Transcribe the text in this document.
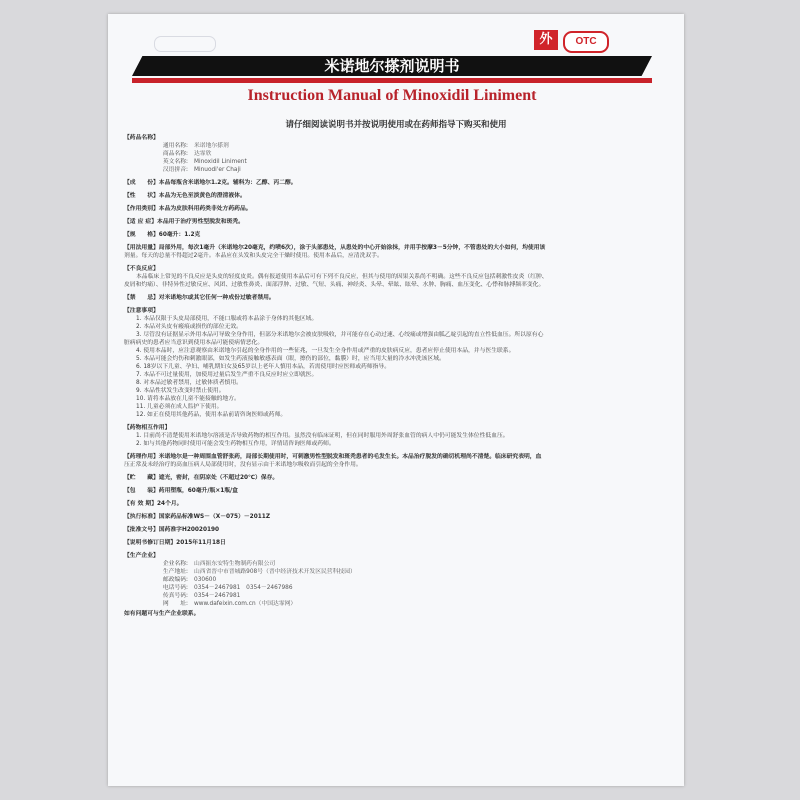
外	OTC
米诺地尔搽剂说明书
Instruction Manual of Minoxidil Liniment
请仔细阅读说明书并按说明使用或在药师指导下购买和使用
【药品名称】
通用名称:	米诺地尔搽剂
商品名称:	达霏欣
英文名称:	Minoxidil Liniment
汉语拼音:	Minuodi'er Chaji
【成　　份】本品每瓶含米诺地尔1.2克。辅料为：乙醇、丙二醇。
【性　　状】本品为无色至淡黄色的澄清液体。
【作用类别】本品为皮肤科用药类非处方药药品。
【适 应 症】本品用于治疗男性型脱发和斑秃。
【规　　格】60毫升：1.2克
【用法用量】局部外用，每次1毫升（米诺地尔20毫克，约喷6次），涂于头部患处，从患处的中心开始涂抹，并用手按摩3－5分钟，不管患处的大小如何，均使用该
剂量。每天的总量不得超过2毫升。本品应在头发和头皮完全干燥时使用。使用本品后，应清洗双手。
【不良反应】
本品临床上常见的不良反应是头皮的轻度皮炎。偶有报道使用本品后可有下列不良反应，但其与使用的因果关系尚不明确。这些不良反应包括刺激性皮炎（红肿、
皮屑和灼痛）、非特异性过敏反应、风团、过敏性鼻炎、面部浮肿、过敏、气短、头痛、神经炎、头晕、晕眩、眩晕、水肿、胸痛、血压变化、心悸和脉搏频率变化。
【禁　　忌】对米诺地尔或其它任何一种成份过敏者禁用。
【注意事项】
1. 本品仅限于头皮局部使用，不能口服或将本品涂于身体的其他区域。
2. 本品对头皮有瘢痕或损伤的部位无效。
3. 尽管没有证据显示外用本品可导致全身作用，但部分米诺地尔会被皮肤吸收，并可能存在心动过速、心绞痛或增强由胍乙啶引起的直立性低血压。所以原有心
脏病病史的患者应当意识到使用本品可能使病情恶化。
4. 使用本品时，应注意观察由米诺地尔引起的全身作用的一些征兆，一旦发生全身作用或严重的皮肤病反应，患者应停止使用本品，并与医生联系。
5. 本品可能会灼伤和刺激眼部，如发生药液接触敏感表面（眼，擦伤的部位，黏膜）时，应当用大量的冷水冲洗该区域。
6. 18岁以下儿童、孕妇、哺乳期妇女及65岁以上老年人慎用本品，若需使用时应医师或药师指导。
7. 本品不可过量使用，加使用过量后发生严重不良反应时应立即就医。
8. 对本品过敏者禁用，过敏体质者慎用。
9. 本品性状发生改变时禁止使用。
10. 请将本品放在儿童不能接触的地方。
11. 儿童必须在成人监护下使用。
12. 如正在使用其他药品，使用本品前请咨询医师或药师。
【药物相互作用】
1. 目前尚不清楚使用米诺地尔溶液是否导致药物的相互作用。虽然没有临床证明，但在同时服用外周舒张血管的病人中仍可能发生体位性低血压。
2. 如与其他药物同时使用可能会发生药物相互作用，详情请咨询医师或药师。
【药理作用】米诺地尔是一种周围血管舒张药，局部长期使用时，可刺激男性型脱发和斑秃患者的毛发生长。本品治疗脱发的确切机理尚不清楚。临床研究表明，血
压正常及未经治疗的高血压病人局部使用时，没有显示由于米诺地尔吸收而引起的全身作用。
【贮　　藏】遮光，密封，在阴凉处（不超过20℃）保存。
【包　　装】药用塑瓶，60毫升/瓶×1瓶/盒
【有 效 期】24个月。
【执行标准】国家药品标准WS－（X－075）－2011Z
【批准文号】国药准字H20020190
【说明书修订日期】2015年11月18日
【生产企业】
企业名称:	山西振东安特生物制药有限公司
生产地址:	山西省晋中市晋城路908号（晋中经济技术开发区民营科技园）
邮政编码:	030600
电话号码:	0354－2467981　0354－2467986
传真号码:	0354－2467981
网　　址:	www.dafeixin.com.cn（中国达霏网）
如有问题可与生产企业联系。
